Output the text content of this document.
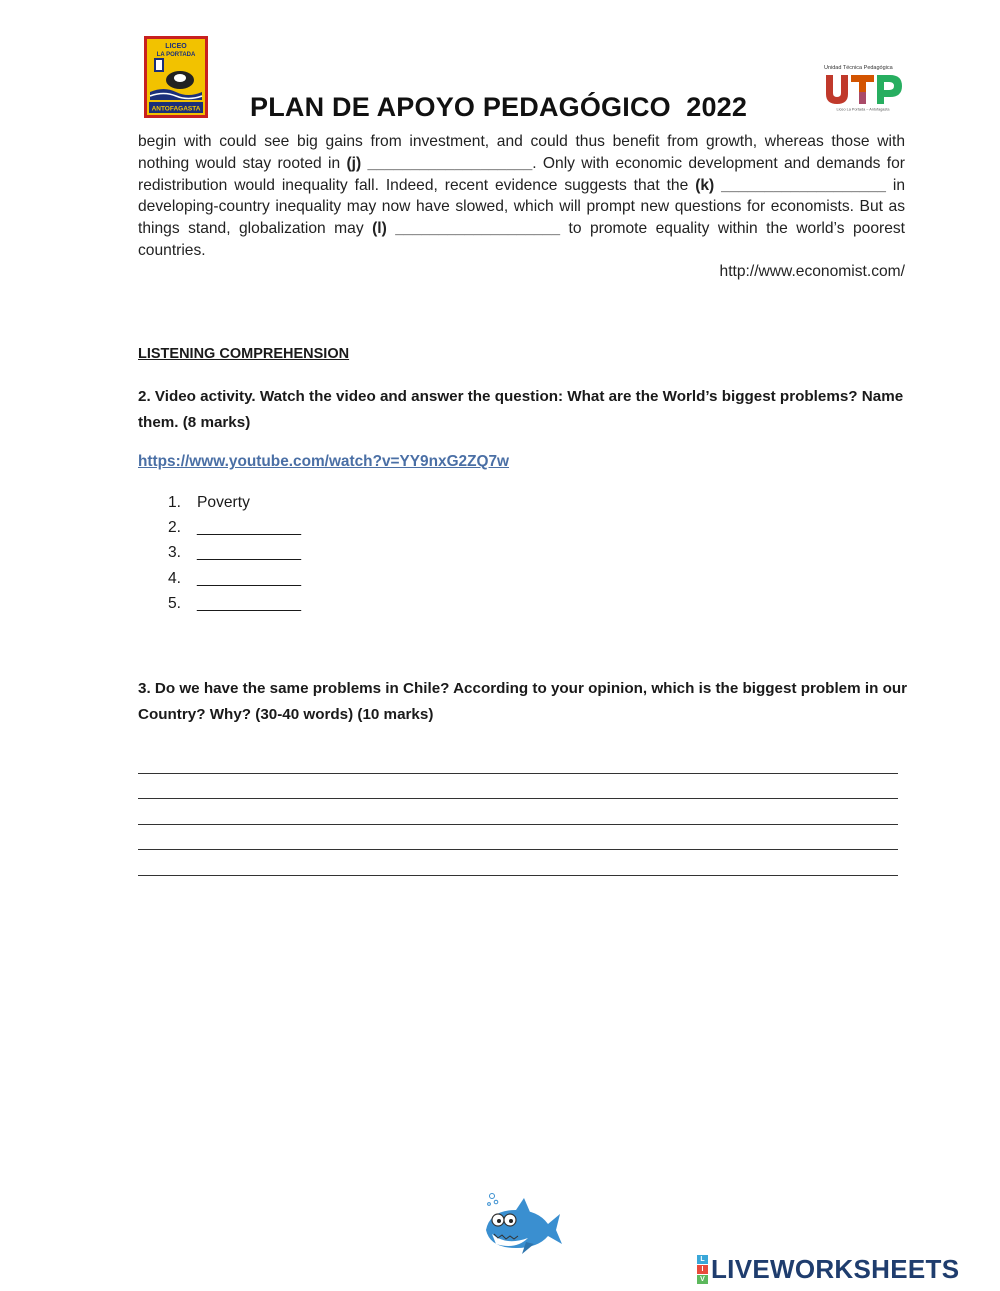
LICEO
LA PORTADA
ANTOFAGASTA
Unidad Técnica Pedagógica
Liceo La Portada – Antofagasta
PLAN DE APOYO PEDAGÓGICO  2022
begin with could see big gains from investment, and could thus benefit from growth, whereas those with nothing would stay rooted in (j) ___________________. Only with economic development and demands for redistribution would inequality fall. Indeed, recent evidence suggests that the (k) ___________________ in developing-country inequality may now have slowed, which will prompt new questions for economists. But as things stand, globalization may (l) ___________________ to promote equality within the world’s poorest countries.
http://www.economist.com/
LISTENING COMPREHENSION
2. Video activity. Watch the video and answer the question: What are the World’s biggest problems? Name them. (8 marks)
https://www.youtube.com/watch?v=YY9nxG2ZQ7w
1.	Poverty
2.	____________
3.	____________
4.	____________
5.	____________
3. Do we have the same problems in Chile? According to your opinion, which is the biggest problem in our Country? Why? (30-40 words) (10 marks)
L
I
V LIVEWORKSHEETS
